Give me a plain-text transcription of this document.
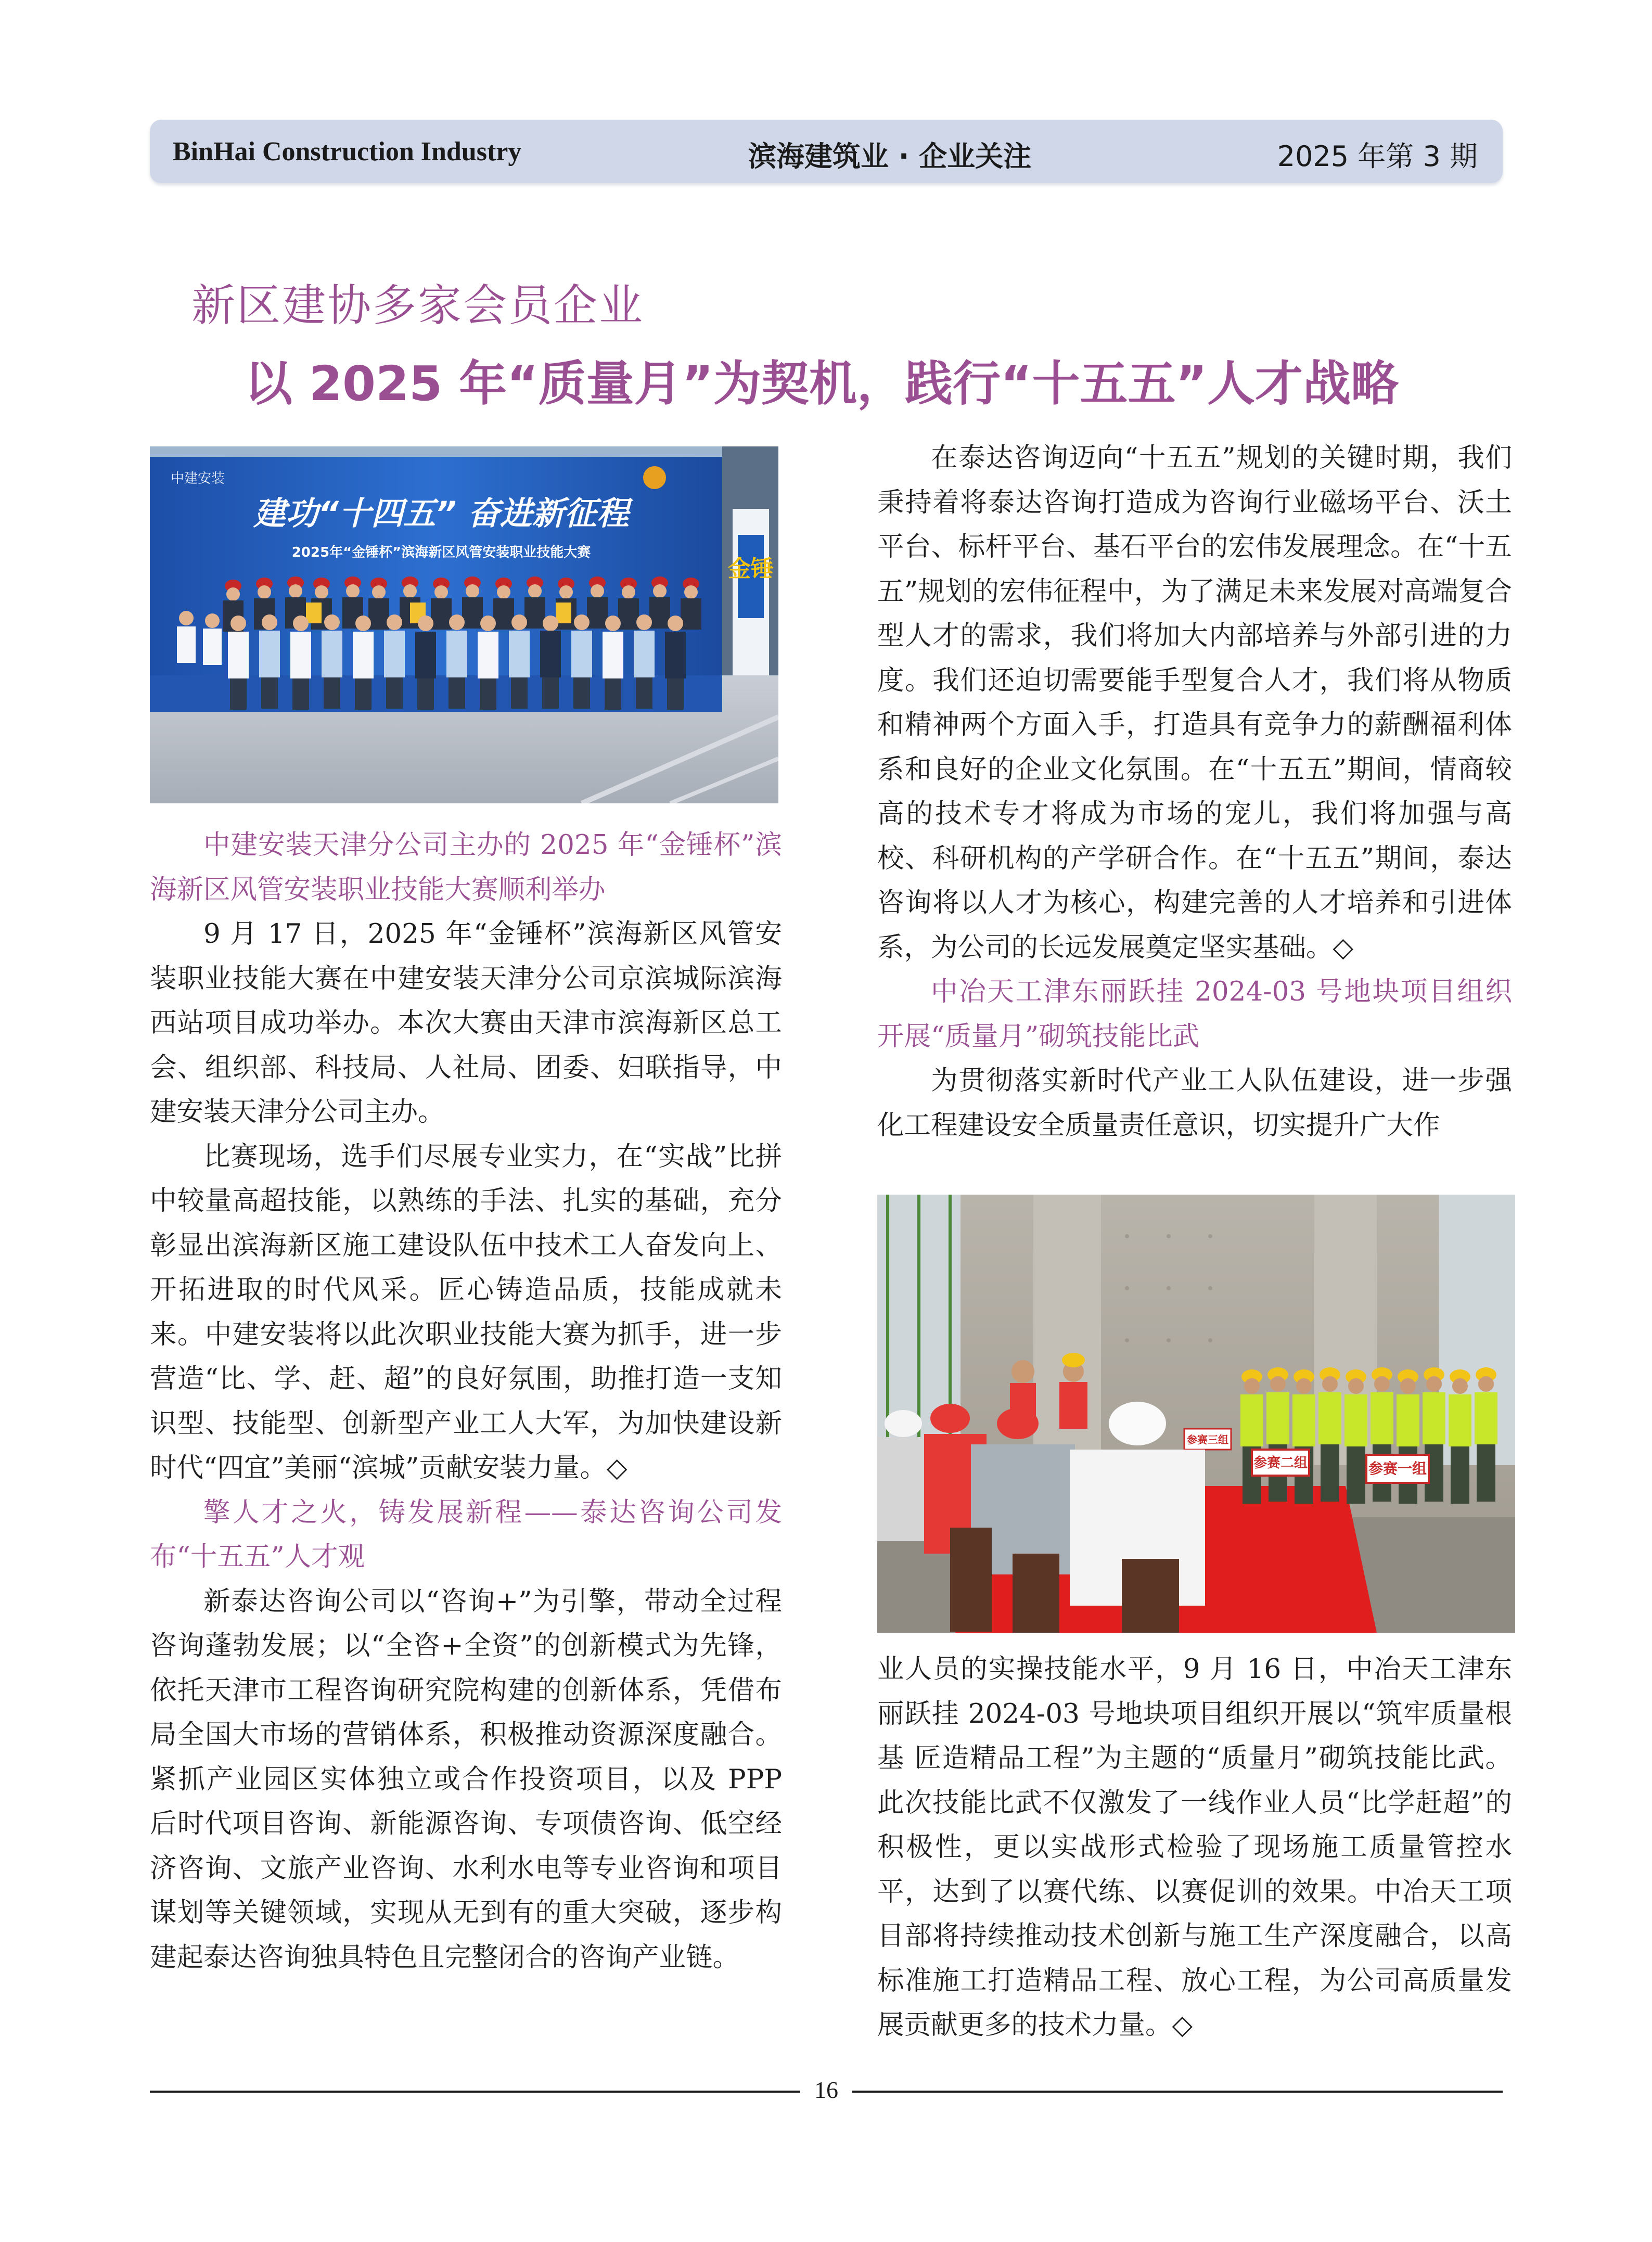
BinHai Construction Industry	滨海建筑业 · 企业关注	2025 年第 3 期
新区建协多家会员企业
以 2025 年“质量月”为契机，践行“十五五”人才战略
金锤
中建安装
建功“十四五” 奋进新征程
2025年“金锤杯”滨海新区风管安装职业技能大赛

中建安装天津分公司主办的 2025 年“金锤杯”滨海新区风管安装职业技能大赛顺利举办

9 月 17 日，2025 年“金锤杯”滨海新区风管安装职业技能大赛在中建安装天津分公司京滨城际滨海西站项目成功举办。本次大赛由天津市滨海新区总工会、组织部、科技局、人社局、团委、妇联指导，中建安装天津分公司主办。

比赛现场，选手们尽展专业实力，在“实战”比拼中较量高超技能，以熟练的手法、扎实的基础，充分彰显出滨海新区施工建设队伍中技术工人奋发向上、开拓进取的时代风采。匠心铸造品质，技能成就未来。中建安装将以此次职业技能大赛为抓手，进一步营造“比、学、赶、超”的良好氛围，助推打造一支知识型、技能型、创新型产业工人大军，为加快建设新时代“四宜”美丽“滨城”贡献安装力量。◇

擎人才之火，铸发展新程——泰达咨询公司发布“十五五”人才观

新泰达咨询公司以“咨询+”为引擎，带动全过程咨询蓬勃发展；以“全咨+全资”的创新模式为先锋，依托天津市工程咨询研究院构建的创新体系，凭借布局全国大市场的营销体系，积极推动资源深度融合。紧抓产业园区实体独立或合作投资项目，以及 PPP 后时代项目咨询、新能源咨询、专项债咨询、低空经济咨询、文旅产业咨询、水利水电等专业咨询和项目谋划等关键领域，实现从无到有的重大突破，逐步构建起泰达咨询独具特色且完整闭合的咨询产业链。

在泰达咨询迈向“十五五”规划的关键时期，我们秉持着将泰达咨询打造成为咨询行业磁场平台、沃土平台、标杆平台、基石平台的宏伟发展理念。在“十五五”规划的宏伟征程中，为了满足未来发展对高端复合型人才的需求，我们将加大内部培养与外部引进的力度。我们还迫切需要能手型复合人才，我们将从物质和精神两个方面入手，打造具有竞争力的薪酬福利体系和良好的企业文化氛围。在“十五五”期间，情商较高的技术专才将成为市场的宠儿，我们将加强与高校、科研机构的产学研合作。在“十五五”期间，泰达咨询将以人才为核心，构建完善的人才培养和引进体系，为公司的长远发展奠定坚实基础。◇

中冶天工津东丽跃挂 2024-03 号地块项目组织开展“质量月”砌筑技能比武

为贯彻落实新时代产业工人队伍建设，进一步强化工程建设安全质量责任意识，切实提升广大作

参赛二组	参赛一组
参赛三组

业人员的实操技能水平，9 月 16 日，中冶天工津东丽跃挂 2024-03 号地块项目组织开展以“筑牢质量根基 匠造精品工程”为主题的“质量月”砌筑技能比武。此次技能比武不仅激发了一线作业人员“比学赶超”的积极性，更以实战形式检验了现场施工质量管控水平，达到了以赛代练、以赛促训的效果。中冶天工项目部将持续推动技术创新与施工生产深度融合，以高标准施工打造精品工程、放心工程，为公司高质量发展贡献更多的技术力量。◇

16
